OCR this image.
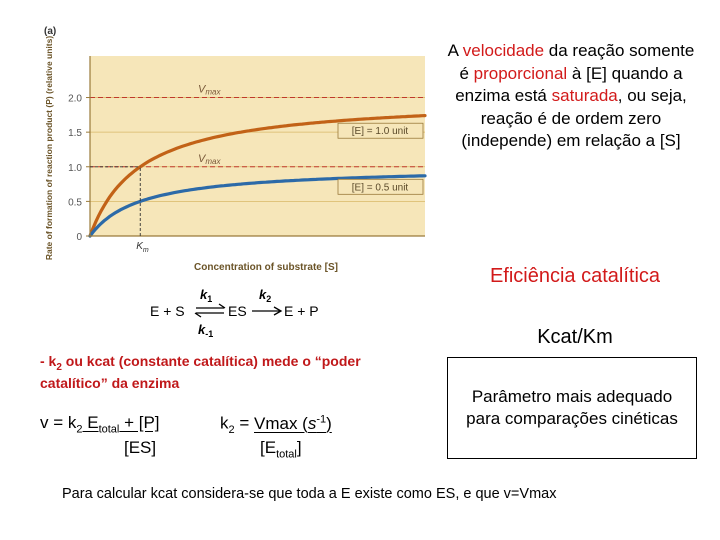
(a)
Vmax
Vmax
0
0.5
1.0
1.5
2.0
$K_m$
[E] = 1.0 unit
[E] = 0.5 unit
Rate of formation of reaction product (P) (relative units)
Concentration of substrate [S]
E + S
$k_1$
$k_{-1}$
ES
$k_2$
E + P
A velocidade da reação somente é proporcional à [E] quando a enzima está saturada, ou seja, reação é de ordem zero (independe) em relação a [S]
Eficiência catalítica
Kcat/Km
Parâmetro mais adequado para comparações cinéticas
- $k_2$ ou kcat (constante catalítica) mede o “poder catalítico” da enzima
$v = k_2$ $E_{total} + [P]$
[ES]
$k_2 = Vmax$ $(s^{-1})$
$[E_{total}]$
Para calcular kcat considera-se que toda a E existe como ES, e que v=Vmax
